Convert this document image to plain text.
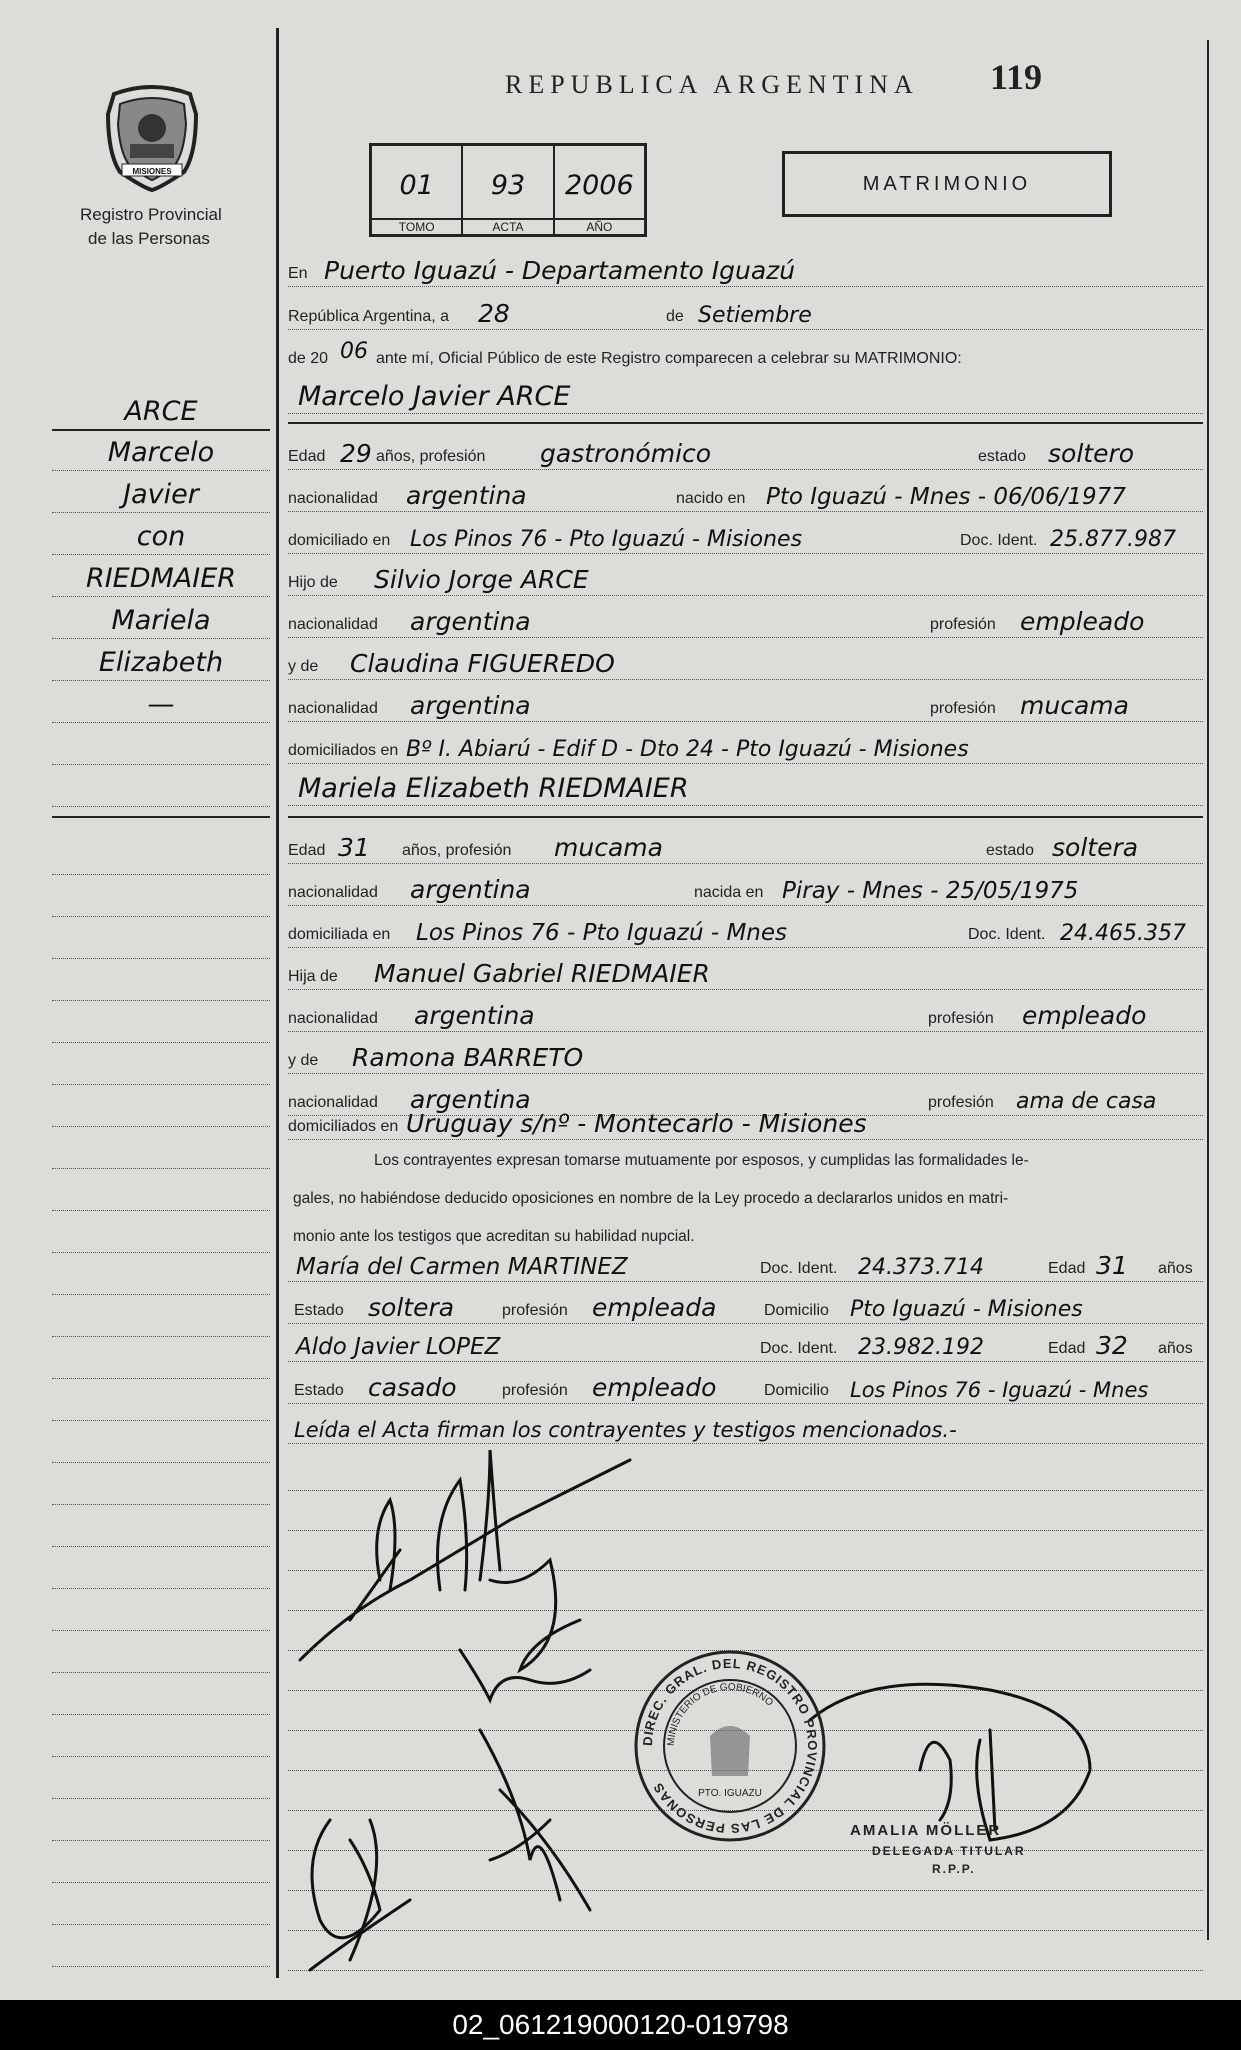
MISIONES
Registro Provincial
de las Personas
REPUBLICA ARGENTINA 119
01
TOMO
93
ACTA
2006
AÑO
MATRIMONIO
ARCE
Marcelo
Javier
con
RIEDMAIER
Mariela
Elizabeth
—
En Puerto Iguazú - Departamento Iguazú
República Argentina, a 28	de Setiembre
de 20 06 ante mí, Oficial Público de este Registro comparecen a celebrar su MATRIMONIO:
Marcelo Javier ARCE
Edad 29 años, profesión gastronómico	estado soltero
nacionalidad argentina	nacido en Pto Iguazú - Mnes - 06/06/1977
domiciliado en Los Pinos 76 - Pto Iguazú - Misiones	Doc. Ident. 25.877.987
Hijo de Silvio Jorge ARCE
nacionalidad argentina	profesión empleado
y de Claudina FIGUEREDO
nacionalidad argentina	profesión mucama
domiciliados en Bº I. Abiarú - Edif D - Dto 24 - Pto Iguazú - Misiones
Mariela Elizabeth RIEDMAIER
Edad 31 años, profesión mucama	estado soltera
nacionalidad argentina	nacida en Piray - Mnes - 25/05/1975
domiciliada en Los Pinos 76 - Pto Iguazú - Mnes	Doc. Ident. 24.465.357
Hija de Manuel Gabriel RIEDMAIER
nacionalidad argentina	profesión empleado
y de Ramona BARRETO
nacionalidad argentina	profesión ama de casa
domiciliados en Uruguay s/nº - Montecarlo - Misiones
Los contrayentes expresan tomarse mutuamente por esposos, y cumplidas las formalidades le-
gales, no habiéndose deducido oposiciones en nombre de la Ley procedo a declararlos unidos en matri-
monio ante los testigos que acreditan su habilidad nupcial.
María del Carmen MARTINEZ	Doc. Ident. 24.373.714	Edad 31 años
Estado soltera	profesión empleada	Domicilio Pto Iguazú - Misiones
Aldo Javier LOPEZ	Doc. Ident. 23.982.192	Edad 32 años
Estado casado	profesión empleado	Domicilio Los Pinos 76 - Iguazú - Mnes
Leída el Acta firman los contrayentes y testigos mencionados.-
DIREC. GRAL. DEL REGISTRO PROVINCIAL DE LAS PERSONAS
MINISTERIO DE GOBIERNO
PTO. IGUAZU
AMALIA MÖLLER
DELEGADA TITULAR
R.P.P.
02_061219000120-019798
